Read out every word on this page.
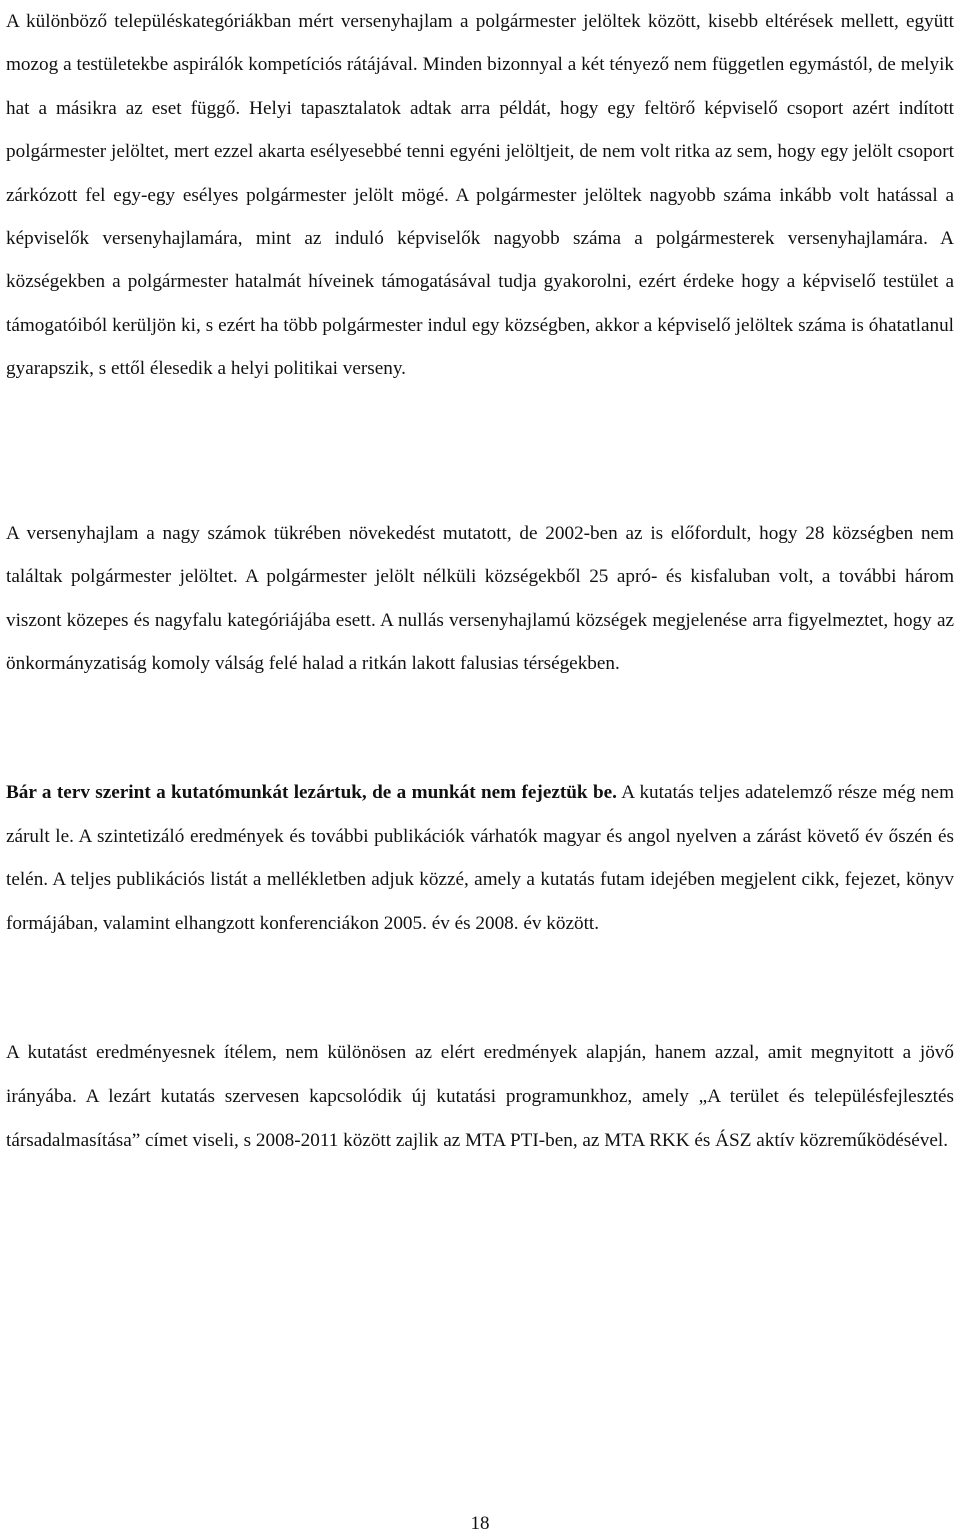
A különböző településkategóriákban mért versenyhajlam a polgármester jelöltek között, kisebb eltérések mellett, együtt mozog a testületekbe aspirálók kompetíciós rátájával. Minden bizonnyal a két tényező nem független egymástól, de melyik hat a másikra az eset függő. Helyi tapasztalatok adtak arra példát, hogy egy feltörő képviselő csoport azért indított polgármester jelöltet, mert ezzel akarta esélyesebbé tenni egyéni jelöltjeit, de nem volt ritka az sem, hogy egy jelölt csoport zárkózott fel egy-egy esélyes polgármester jelölt mögé. A polgármester jelöltek nagyobb száma inkább volt hatással a képviselők versenyhajlamára, mint az induló képviselők nagyobb száma a polgármesterek versenyhajlamára. A községekben a polgármester hatalmát híveinek támogatásával tudja gyakorolni, ezért érdeke hogy a képviselő testület a támogatóiból kerüljön ki, s ezért ha több polgármester indul egy községben, akkor a képviselő jelöltek száma is óhatatlanul gyarapszik, s ettől élesedik a helyi politikai verseny.

A versenyhajlam a nagy számok tükrében növekedést mutatott, de 2002-ben az is előfordult, hogy 28 községben nem találtak polgármester jelöltet. A polgármester jelölt nélküli községekből 25 apró- és kisfaluban volt, a további három viszont közepes és nagyfalu kategóriájába esett. A nullás versenyhajlamú községek megjelenése arra figyelmeztet, hogy az önkormányzatiság komoly válság felé halad a ritkán lakott falusias térségekben.

Bár a terv szerint a kutatómunkát lezártuk, de a munkát nem fejeztük be. A kutatás teljes adatelemző része még nem zárult le. A szintetizáló eredmények és további publikációk várhatók magyar és angol nyelven a zárást követő év őszén és telén. A teljes publikációs listát a mellékletben adjuk közzé, amely a kutatás futam idejében megjelent cikk, fejezet, könyv formájában, valamint elhangzott konferenciákon 2005. év és 2008. év között.

A kutatást eredményesnek ítélem, nem különösen az elért eredmények alapján, hanem azzal, amit megnyitott a jövő irányába. A lezárt kutatás szervesen kapcsolódik új kutatási programunkhoz, amely „A terület és településfejlesztés társadalmasítása” címet viseli, s 2008-2011 között zajlik az MTA PTI-ben, az MTA RKK és ÁSZ aktív közreműködésével.

18
